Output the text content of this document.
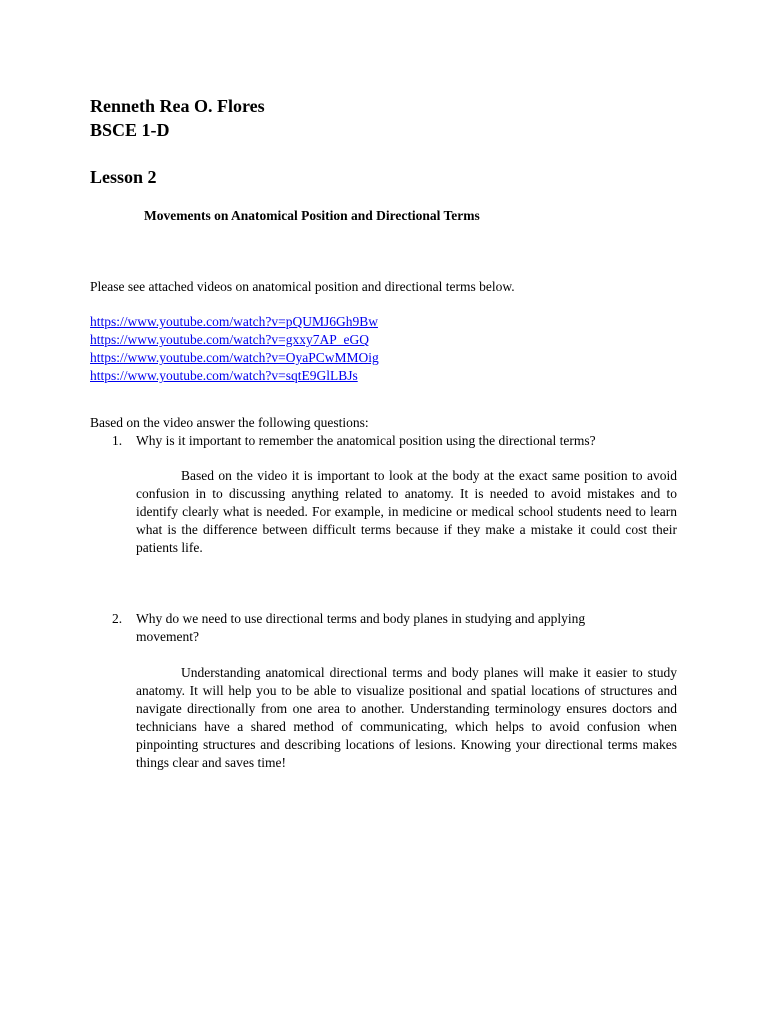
Renneth Rea O. Flores
BSCE 1-D
Lesson 2
Movements on Anatomical Position and Directional Terms
Please see attached videos on anatomical position and directional terms below.
https://www.youtube.com/watch?v=pQUMJ6Gh9Bw
https://www.youtube.com/watch?v=gxxy7AP_eGQ
https://www.youtube.com/watch?v=OyaPCwMMOig
https://www.youtube.com/watch?v=sqtE9GlLBJs
Based on the video answer the following questions:
1. Why is it important to remember the anatomical position using the directional terms?

Based on the video it is important to look at the body at the exact same position to avoid confusion in to discussing anything related to anatomy. It is needed to avoid mistakes and to identify clearly what is needed. For example, in medicine or medical school students need to learn what is the difference between difficult terms because if they make a mistake it could cost their patients life.

2. Why do we need to use directional terms and body planes in studying and applying
movement?

Understanding anatomical directional terms and body planes will make it easier to study anatomy. It will help you to be able to visualize positional and spatial locations of structures and navigate directionally from one area to another. Understanding terminology ensures doctors and technicians have a shared method of communicating, which helps to avoid confusion when pinpointing structures and describing locations of lesions. Knowing your directional terms makes things clear and saves time!
